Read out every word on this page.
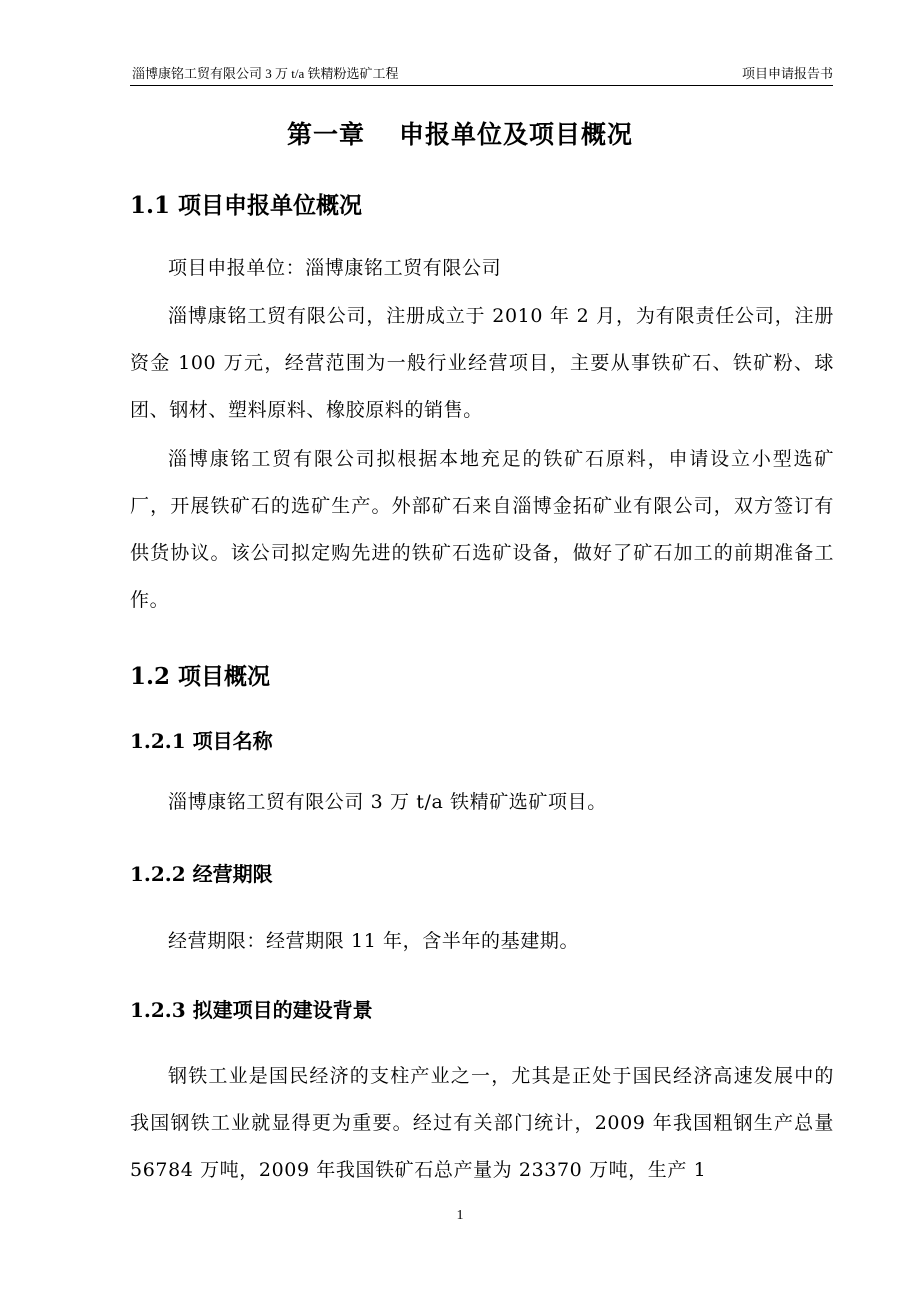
淄博康铭工贸有限公司 3 万 t/a 铁精粉选矿工程	项目申请报告书
第一章 申报单位及项目概况
1.1 项目申报单位概况

项目申报单位：淄博康铭工贸有限公司

淄博康铭工贸有限公司，注册成立于 2010 年 2 月，为有限责任公司，注册资金 100 万元，经营范围为一般行业经营项目，主要从事铁矿石、铁矿粉、球团、钢材、塑料原料、橡胶原料的销售。

淄博康铭工贸有限公司拟根据本地充足的铁矿石原料，申请设立小型选矿厂，开展铁矿石的选矿生产。外部矿石来自淄博金拓矿业有限公司，双方签订有供货协议。该公司拟定购先进的铁矿石选矿设备，做好了矿石加工的前期准备工作。

1.2 项目概况
1.2.1 项目名称

淄博康铭工贸有限公司 3 万 t/a 铁精矿选矿项目。

1.2.2 经营期限

经营期限：经营期限 11 年，含半年的基建期。

1.2.3 拟建项目的建设背景

钢铁工业是国民经济的支柱产业之一，尤其是正处于国民经济高速发展中的我国钢铁工业就显得更为重要。经过有关部门统计，2009 年我国粗钢生产总量 56784 万吨，2009 年我国铁矿石总产量为 23370 万吨，生产 1

1
